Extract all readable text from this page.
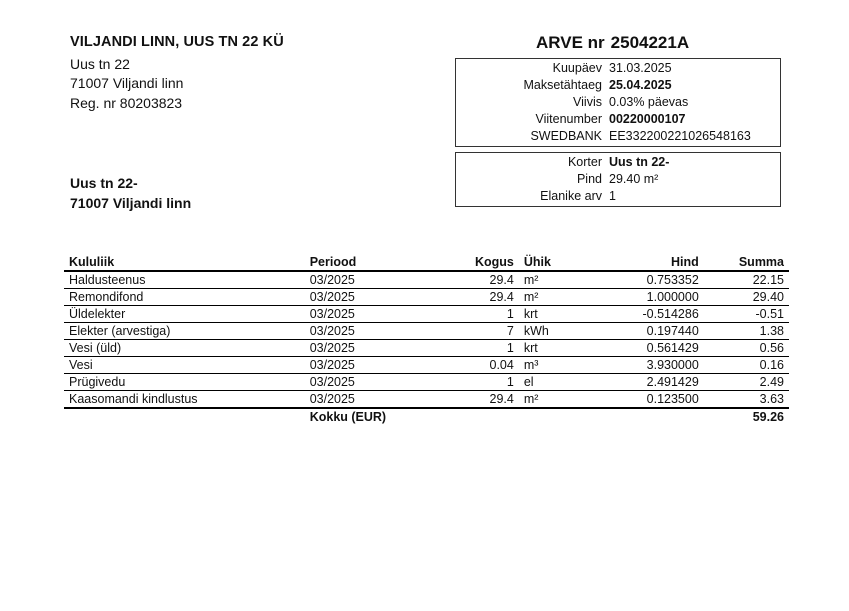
VILJANDI LINN, UUS TN 22 KÜ
Uus tn 22
71007 Viljandi linn
Reg. nr 80203823
Uus tn 22-
71007 Viljandi linn
ARVE nr 2504221A
Kuupäev 31.03.2025
Maksetähtaeg 25.04.2025
Viivis 0.03% päevas
Viitenumber 00220000107
SWEDBANK EE332200221026548163
Korter Uus tn 22-
Pind 29.40 m²
Elanike arv 1
Kululiik	Periood	Kogus	Ühik	Hind	Summa
Haldusteenus	03/2025	29.4	m²	0.753352	22.15
Remondifond	03/2025	29.4	m²	1.000000	29.40
Üldelekter	03/2025	1	krt	-0.514286	-0.51
Elekter (arvestiga)	03/2025	7	kWh	0.197440	1.38
Vesi (üld)	03/2025	1	krt	0.561429	0.56
Vesi	03/2025	0.04	m³	3.930000	0.16
Prügivedu	03/2025	1	el	2.491429	2.49
Kaasomandi kindlustus	03/2025	29.4	m²	0.123500	3.63
	Kokku (EUR)				59.26
